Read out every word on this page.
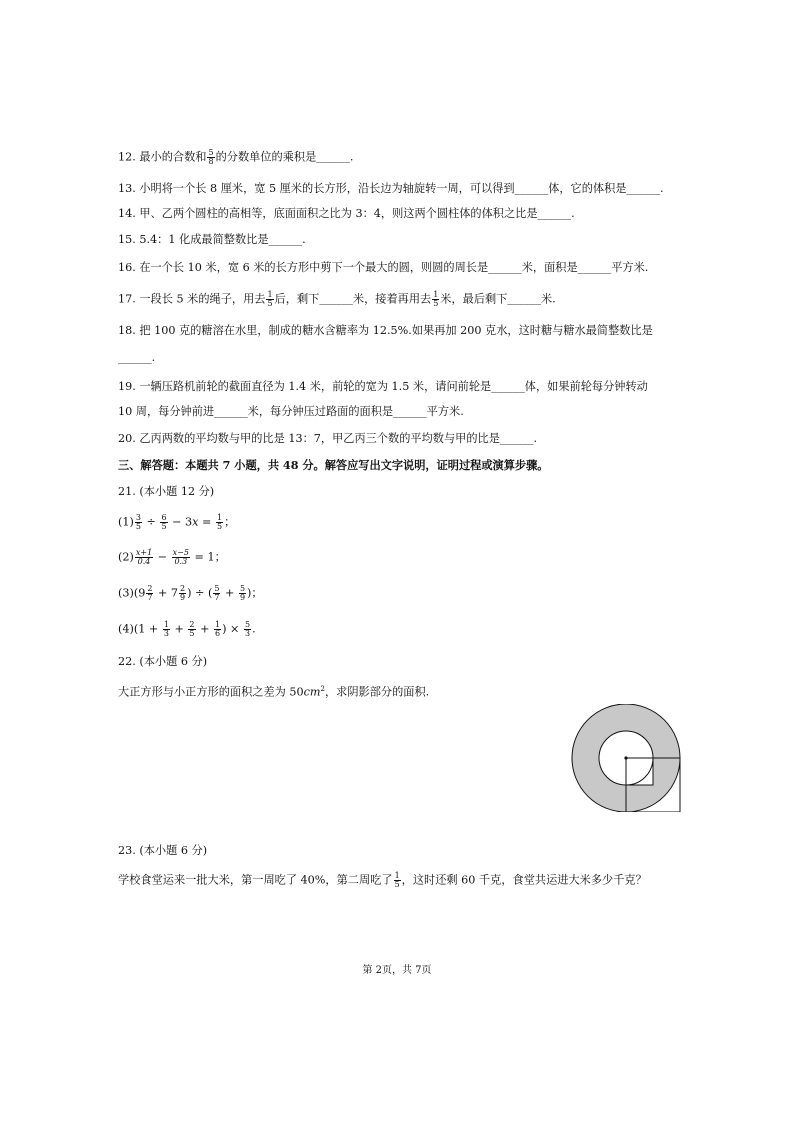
12. 最小的合数和 $\frac{5}{8}$ 的分数单位的乘积是______.
13. 小明将一个长 8 厘米，宽 5 厘米的长方形，沿长边为轴旋转一周，可以得到______体，它的体积是______.
14. 甲、乙两个圆柱的高相等，底面面积之比为 3：4，则这两个圆柱体的体积之比是______.
15. 5.4：1 化成最简整数比是______.
16. 在一个长 10 米，宽 6 米的长方形中剪下一个最大的圆，则圆的周长是______米，面积是______平方米.
17. 一段长 5 米的绳子，用去 $\frac{1}{5}$ 后，剩下______米，接着再用去 $\frac{1}{5}$ 米，最后剩下______米.
18. 把 100 克的糖溶在水里，制成的糖水含糖率为 12.5%.如果再加 200 克水，这时糖与糖水最简整数比是
______.
19. 一辆压路机前轮的截面直径为 1.4 米，前轮的宽为 1.5 米，请问前轮是______体，如果前轮每分钟转动
10 周，每分钟前进______米，每分钟压过路面的面积是______平方米.
20. 乙丙两数的平均数与甲的比是 13：7，甲乙丙三个数的平均数与甲的比是______.
三、解答题：本题共 7 小题，共 48 分。解答应写出文字说明，证明过程或演算步骤。
21. (本小题 12 分)
$(1) \frac{3}{5} \div \frac{6}{5} - 3x = \frac{1}{5}$ ；
$(2) \frac{x+1}{0.4} - \frac{x-5}{0.3} = 1$；
$(3)(9 \frac{2}{7} + 7 \frac{2}{9}$ ) ÷ ( $\frac{5}{7} + \frac{5}{9}$ )；
$(4)(1 + \frac{1}{3} + \frac{2}{5} + \frac{1}{6}$ ) × $\frac{5}{3}$ .
22. (本小题 6 分)
大正方形与小正方形的面积之差为 $50cm^2$，求阴影部分的面积.
23. (本小题 6 分)
学校食堂运来一批大米，第一周吃了 40%，第二周吃了 $\frac{1}{5}$ ，这时还剩 60 千克，食堂共运进大米多少千克？
第 2页，共 7页
